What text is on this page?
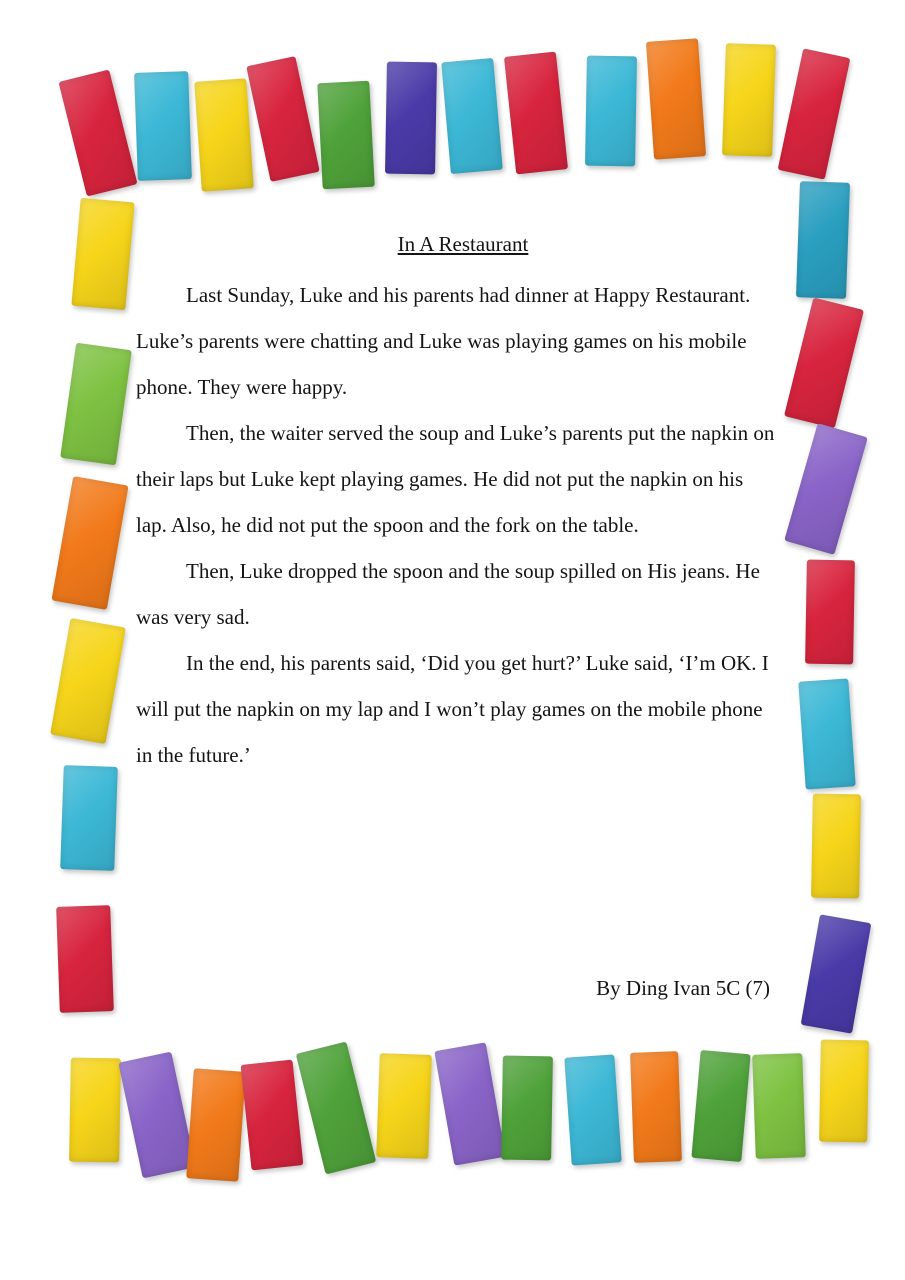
In A Restaurant

Last Sunday, Luke and his parents had dinner at Happy Restaurant. Luke’s parents were chatting and Luke was playing games on his mobile phone. They were happy.

Then, the waiter served the soup and Luke’s parents put the napkin on their laps but Luke kept playing games. He did not put the napkin on his lap. Also, he did not put the spoon and the fork on the table.

Then, Luke dropped the spoon and the soup spilled on His jeans. He was very sad.

In the end, his parents said, ‘Did you get hurt?’ Luke said, ‘I’m OK. I will put the napkin on my lap and I won’t play games on the mobile phone in the future.’

By Ding Ivan 5C (7)
